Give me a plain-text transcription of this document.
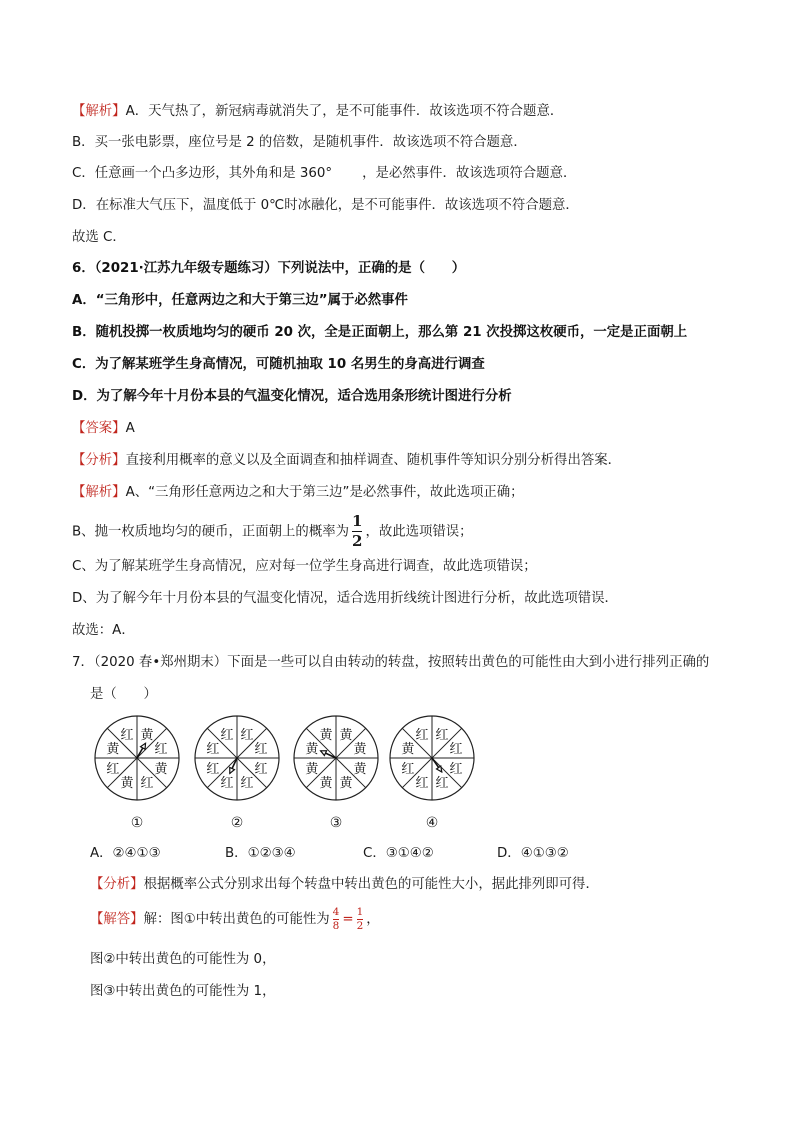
【解析】A．天气热了，新冠病毒就消失了，是不可能事件．故该选项不符合题意．
B．买一张电影票，座位号是 2 的倍数，是随机事件．故该选项不符合题意．
C．任意画一个凸多边形，其外角和是 360° ，是必然事件．故该选项符合题意．
D．在标准大气压下，温度低于 0℃时冰融化，是不可能事件．故该选项不符合题意．
故选 C．
6．（2021·江苏九年级专题练习）下列说法中，正确的是（　　）
A．“三角形中，任意两边之和大于第三边”属于必然事件
B．随机投掷一枚质地均匀的硬币 20 次，全是正面朝上，那么第 21 次投掷这枚硬币，一定是正面朝上
C．为了解某班学生身高情况，可随机抽取 10 名男生的身高进行调查
D．为了解今年十月份本县的气温变化情况，适合选用条形统计图进行分析
【答案】A
【分析】直接利用概率的意义以及全面调查和抽样调查、随机事件等知识分别分析得出答案．
【解析】A、“三角形任意两边之和大于第三边”是必然事件，故此选项正确；
B、抛一枚质地均匀的硬币，正面朝上的概率为 $\frac{1}{2}$ ，故此选项错误；
C、为了解某班学生身高情况，应对每一位学生身高进行调查，故此选项错误；
D、为了解今年十月份本县的气温变化情况，适合选用折线统计图进行分析，故此选项错误．
故选：A．
7．（2020 春•郑州期末）下面是一些可以自由转动的转盘，按照转出黄色的可能性由大到小进行排列正确的
是（　　）
黄
红
黄
红
黄
红
黄
红	红
红
红
红
红
红
红
红	黄
黄
黄
黄
黄
黄
黄
黄	红
红
红
红
红
红
黄
红
①	②	③	④
A．②④①③	B．①②③④	C．③①④②	D．④①③②
【分析】根据概率公式分别求出每个转盘中转出黄色的可能性大小，据此排列即可得．
【解答】解：图①中转出黄色的可能性为 $\frac{4}{8} = \frac{1}{2}$ ，
图②中转出黄色的可能性为 0，
图③中转出黄色的可能性为 1，
